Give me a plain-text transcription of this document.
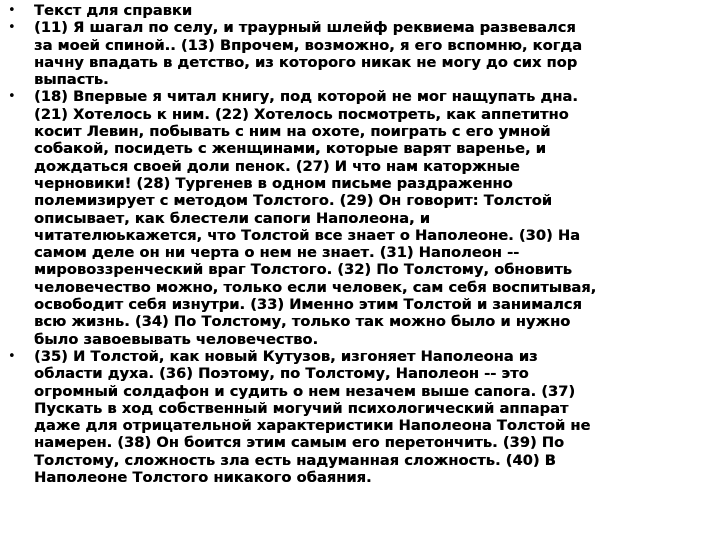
• Текст для справки
• (11) Я шагал по селу, и траурный шлейф реквиема развевался
за моей спиной.. (13) Впрочем, возможно, я его вспомню, когда
начну впадать в детство, из которого никак не могу до сих пор
выпасть.
• (18) Впервые я читал книгу, под которой не мог нащупать дна.
(21) Хотелось к ним. (22) Хотелось посмотреть, как аппетитно
косит Левин, побывать с ним на охоте, поиграть с его умной
собакой, посидеть с женщинами, которые варят варенье, и
дождаться своей доли пенок. (27) И что нам каторжные
черновики! (28) Тургенев в одном письме раздраженно
полемизирует с методом Толстого. (29) Он говорит: Толстой
описывает, как блестели сапоги Наполеона, и
читателюькажется, что Толстой все знает о Наполеоне. (30) На
самом деле он ни черта о нем не знает. (31) Наполеон --
мировоззренческий враг Толстого. (32) По Толстому, обновить
человечество можно, только если человек, сам себя воспитывая,
освободит себя изнутри. (33) Именно этим Толстой и занимался
всю жизнь. (34) По Толстому, только так можно было и нужно
было завоевывать человечество.
• (35) И Толстой, как новый Кутузов, изгоняет Наполеона из
области духа. (36) Поэтому, по Толстому, Наполеон -- это
огромный солдафон и судить о нем незачем выше сапога. (37)
Пускать в ход собственный могучий психологический аппарат
даже для отрицательной характеристики Наполеона Толстой не
намерен. (38) Он боится этим самым его перетончить. (39) По
Толстому, сложность зла есть надуманная сложность. (40) В
Наполеоне Толстого никакого обаяния.
